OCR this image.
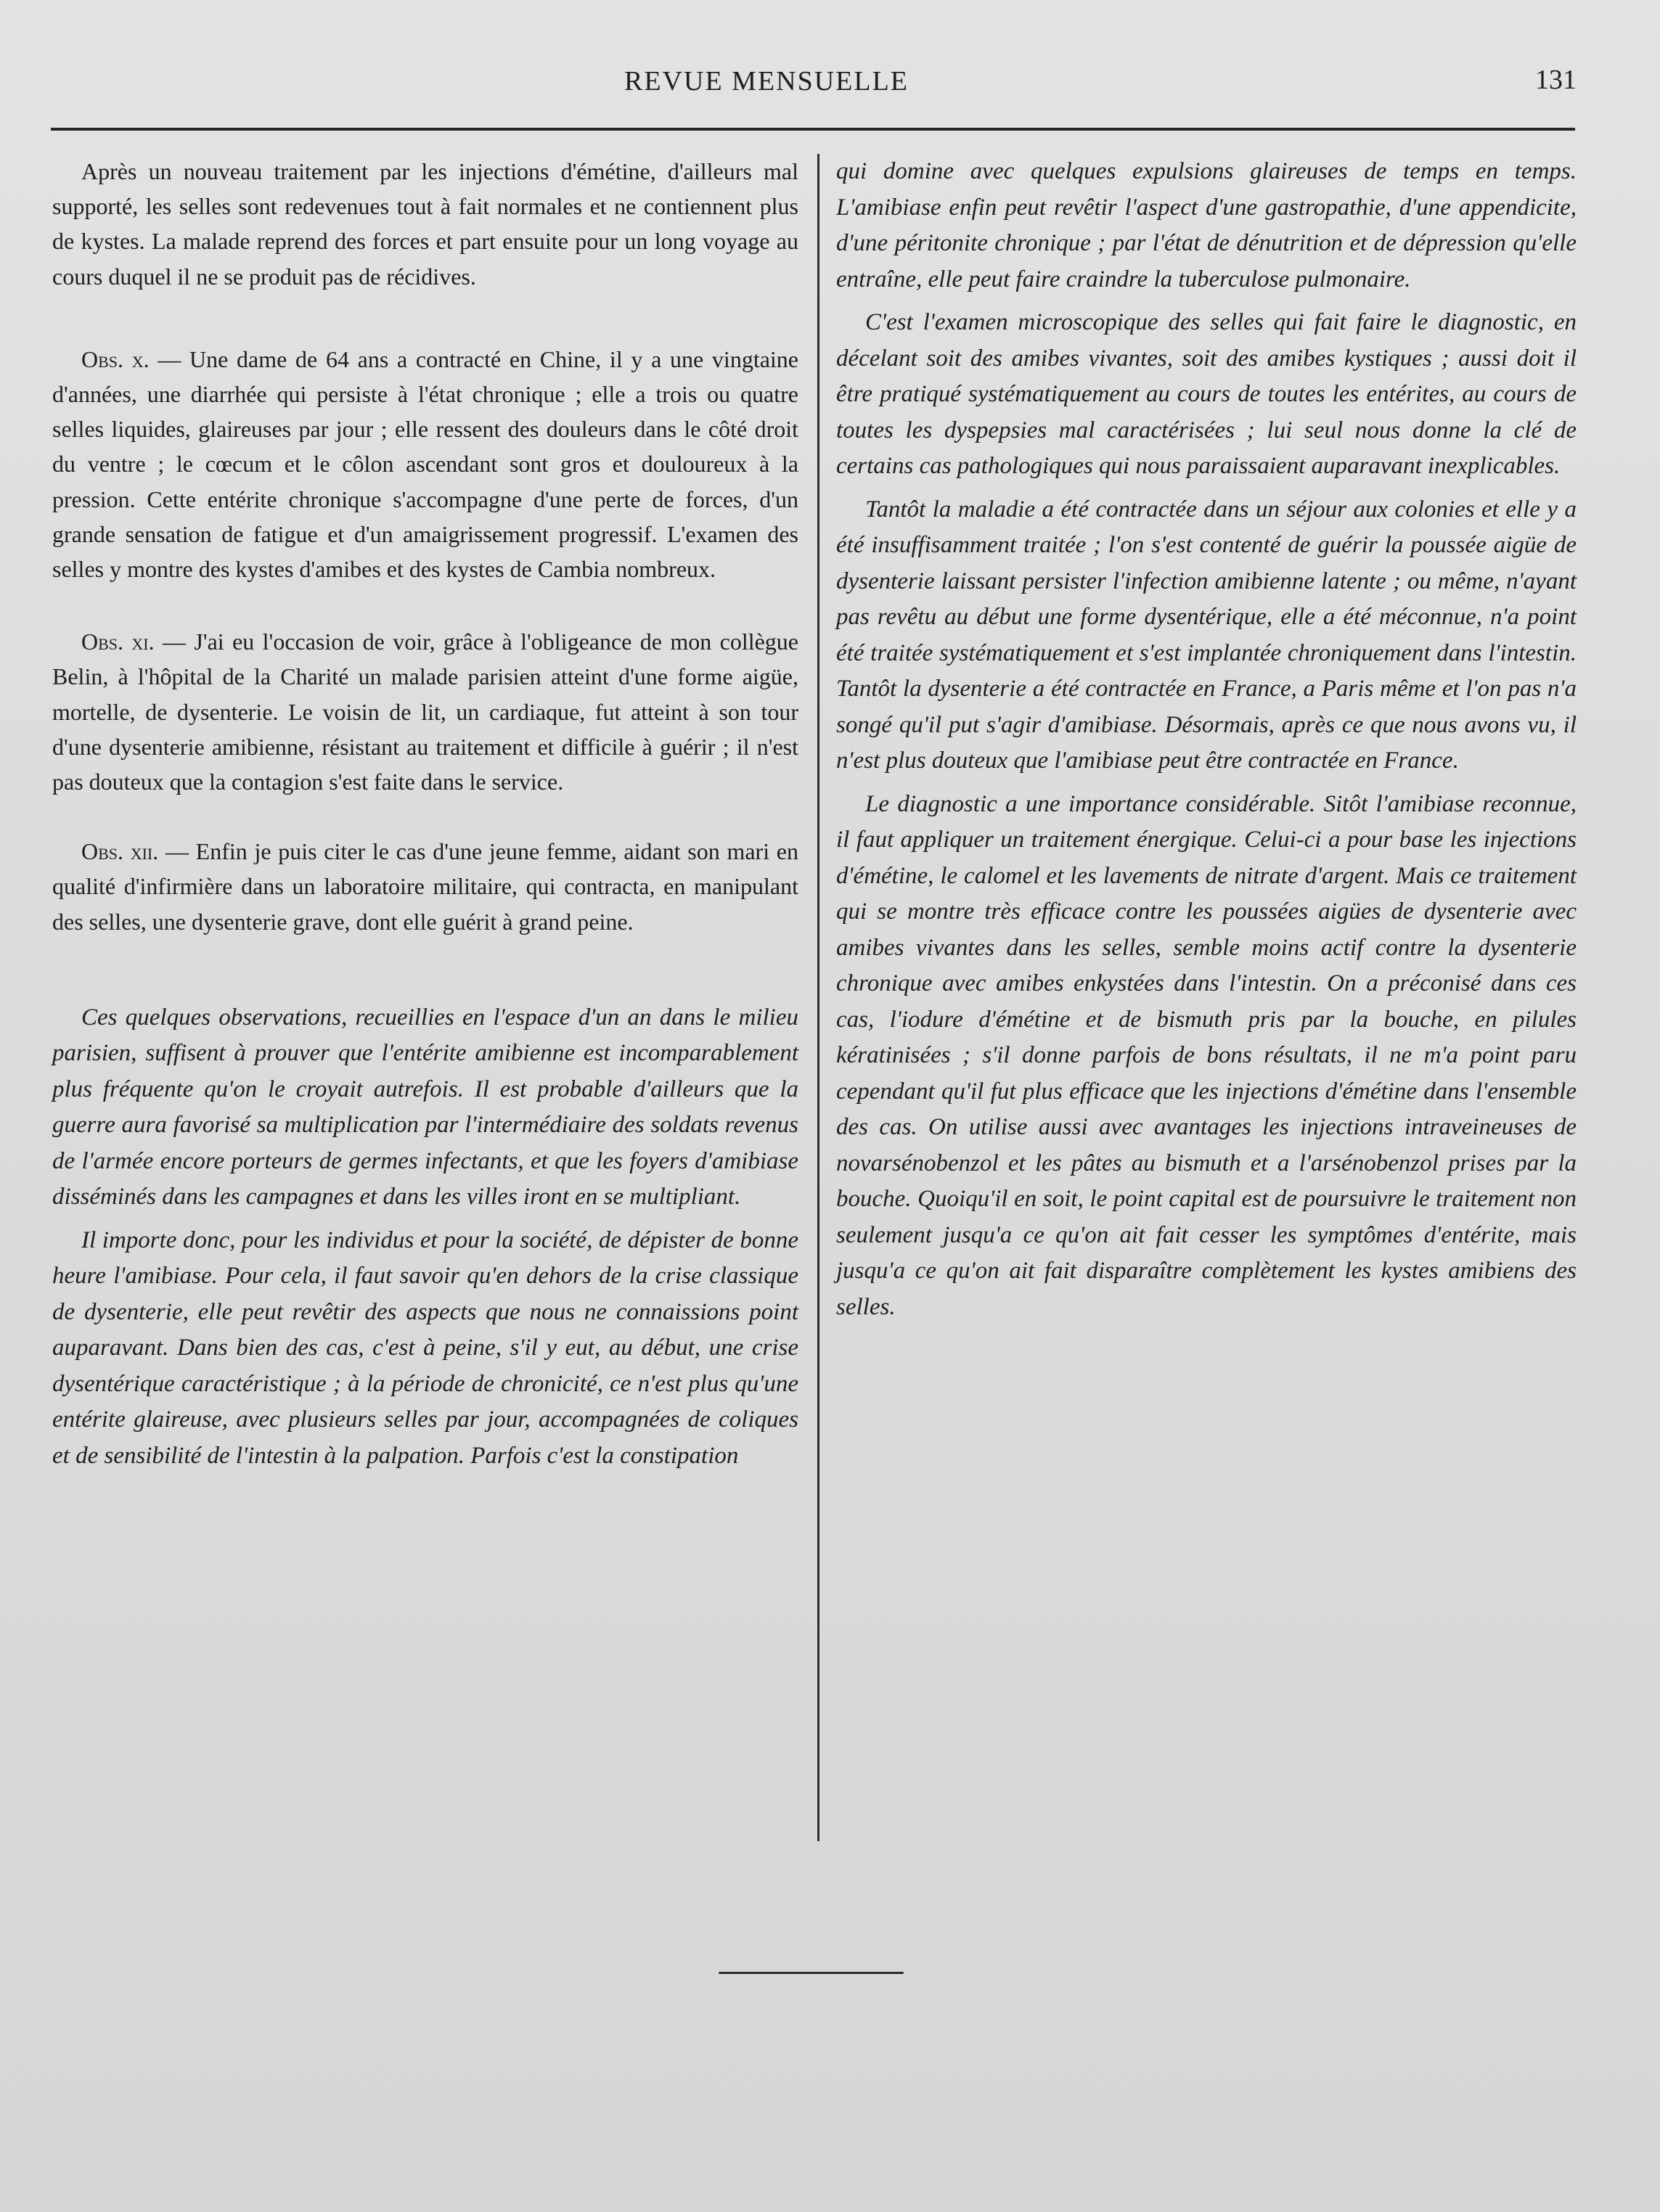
REVUE MENSUELLE	131

Après un nouveau traitement par les injections d'émétine, d'ailleurs mal supporté, les selles sont redevenues tout à fait normales et ne contiennent plus de kystes. La malade reprend des forces et part ensuite pour un long voyage au cours duquel il ne se produit pas de récidives.

Obs. x. — Une dame de 64 ans a contracté en Chine, il y a une vingtaine d'années, une diarrhée qui persiste à l'état chronique ; elle a trois ou quatre selles liquides, glaireuses par jour ; elle ressent des douleurs dans le côté droit du ventre ; le cœcum et le côlon ascendant sont gros et douloureux à la pression. Cette entérite chronique s'accompagne d'une perte de forces, d'un grande sensation de fatigue et d'un amaigrissement progressif. L'examen des selles y montre des kystes d'amibes et des kystes de Cambia nombreux.

Obs. xi. — J'ai eu l'occasion de voir, grâce à l'obligeance de mon collègue Belin, à l'hôpital de la Charité un malade parisien atteint d'une forme aigüe, mortelle, de dysenterie. Le voisin de lit, un cardiaque, fut atteint à son tour d'une dysenterie amibienne, résistant au traitement et difficile à guérir ; il n'est pas douteux que la contagion s'est faite dans le service.

Obs. xii. — Enfin je puis citer le cas d'une jeune femme, aidant son mari en qualité d'infirmière dans un laboratoire militaire, qui contracta, en manipulant des selles, une dysenterie grave, dont elle guérit à grand peine.

Ces quelques observations, recueillies en l'espace d'un an dans le milieu parisien, suffisent à prouver que l'entérite amibienne est incomparablement plus fréquente qu'on le croyait autrefois. Il est probable d'ailleurs que la guerre aura favorisé sa multiplication par l'intermédiaire des soldats revenus de l'armée encore porteurs de germes infectants, et que les foyers d'amibiase disséminés dans les campagnes et dans les villes iront en se multipliant.

Il importe donc, pour les individus et pour la société, de dépister de bonne heure l'amibiase. Pour cela, il faut savoir qu'en dehors de la crise classique de dysenterie, elle peut revêtir des aspects que nous ne connaissions point auparavant. Dans bien des cas, c'est à peine, s'il y eut, au début, une crise dysentérique caractéristique ; à la période de chronicité, ce n'est plus qu'une entérite glaireuse, avec plusieurs selles par jour, accompagnées de coliques et de sensibilité de l'intestin à la palpation. Parfois c'est la constipation

qui domine avec quelques expulsions glaireuses de temps en temps. L'amibiase enfin peut revêtir l'aspect d'une gastropathie, d'une appendicite, d'une péritonite chronique ; par l'état de dénutrition et de dépression qu'elle entraîne, elle peut faire craindre la tuberculose pulmonaire.

C'est l'examen microscopique des selles qui fait faire le diagnostic, en décelant soit des amibes vivantes, soit des amibes kystiques ; aussi doit il être pratiqué systématiquement au cours de toutes les entérites, au cours de toutes les dyspepsies mal caractérisées ; lui seul nous donne la clé de certains cas pathologiques qui nous paraissaient auparavant inexplicables.

Tantôt la maladie a été contractée dans un séjour aux colonies et elle y a été insuffisamment traitée ; l'on s'est contenté de guérir la poussée aigüe de dysenterie laissant persister l'infection amibienne latente ; ou même, n'ayant pas revêtu au début une forme dysentérique, elle a été méconnue, n'a point été traitée systématiquement et s'est implantée chroniquement dans l'intestin. Tantôt la dysenterie a été contractée en France, a Paris même et l'on pas n'a songé qu'il put s'agir d'amibiase. Désormais, après ce que nous avons vu, il n'est plus douteux que l'amibiase peut être contractée en France.

Le diagnostic a une importance considérable. Sitôt l'amibiase reconnue, il faut appliquer un traitement énergique. Celui-ci a pour base les injections d'émétine, le calomel et les lavements de nitrate d'argent. Mais ce traitement qui se montre très efficace contre les poussées aigües de dysenterie avec amibes vivantes dans les selles, semble moins actif contre la dysenterie chronique avec amibes enkystées dans l'intestin. On a préconisé dans ces cas, l'iodure d'émétine et de bismuth pris par la bouche, en pilules kératinisées ; s'il donne parfois de bons résultats, il ne m'a point paru cependant qu'il fut plus efficace que les injections d'émétine dans l'ensemble des cas. On utilise aussi avec avantages les injections intraveineuses de novarsénobenzol et les pâtes au bismuth et a l'arsénobenzol prises par la bouche. Quoiqu'il en soit, le point capital est de poursuivre le traitement non seulement jusqu'a ce qu'on ait fait cesser les symptômes d'entérite, mais jusqu'a ce qu'on ait fait disparaître complètement les kystes amibiens des selles.
